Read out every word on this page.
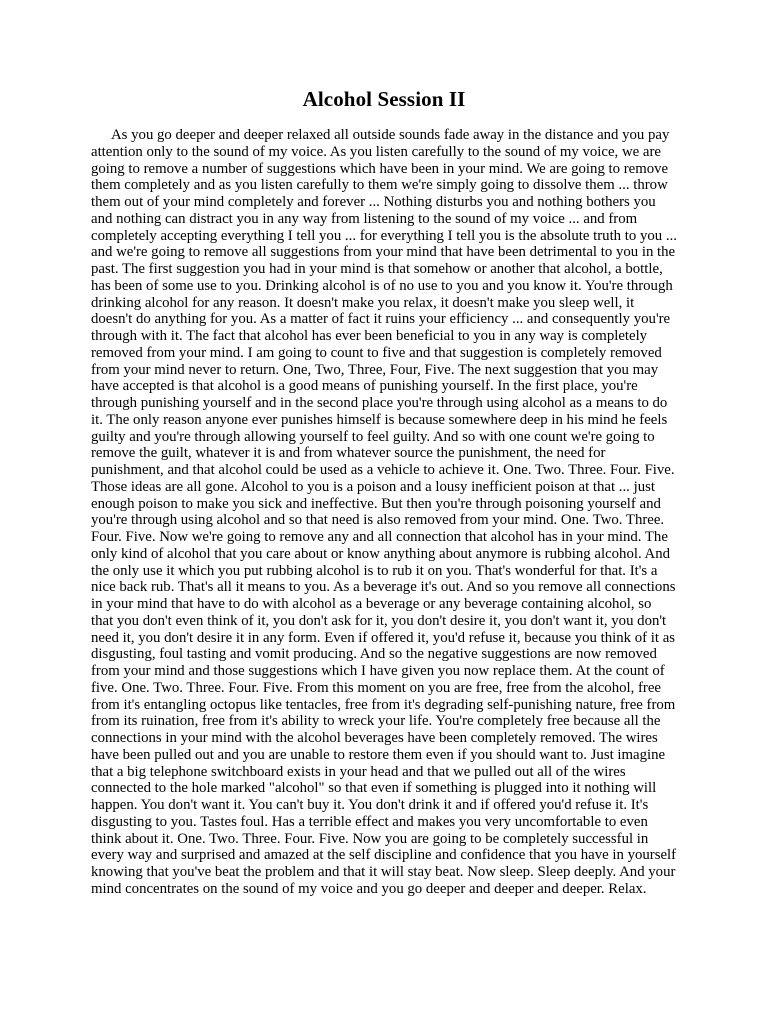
Alcohol Session II

As you go deeper and deeper relaxed all outside sounds fade away in the distance and you pay attention only to the sound of my voice. As you listen carefully to the sound of my voice, we are going to remove a number of suggestions which have been in your mind. We are going to remove them completely and as you listen carefully to them we're simply going to dissolve them ... throw them out of your mind completely and forever ... Nothing disturbs you and nothing bothers you and nothing can distract you in any way from listening to the sound of my voice ... and from completely accepting everything I tell you ... for everything I tell you is the absolute truth to you ... and we're going to remove all suggestions from your mind that have been detrimental to you in the past. The first suggestion you had in your mind is that somehow or another that alcohol, a bottle, has been of some use to you. Drinking alcohol is of no use to you and you know it. You're through drinking alcohol for any reason. It doesn't make you relax, it doesn't make you sleep well, it doesn't do anything for you. As a matter of fact it ruins your efficiency ... and consequently you're through with it. The fact that alcohol has ever been beneficial to you in any way is completely removed from your mind. I am going to count to five and that suggestion is completely removed from your mind never to return. One, Two, Three, Four, Five. The next suggestion that you may have accepted is that alcohol is a good means of punishing yourself. In the first place, you're through punishing yourself and in the second place you're through using alcohol as a means to do it. The only reason anyone ever punishes himself is because somewhere deep in his mind he feels guilty and you're through allowing yourself to feel guilty. And so with one count we're going to remove the guilt, whatever it is and from whatever source the punishment, the need for punishment, and that alcohol could be used as a vehicle to achieve it. One. Two. Three. Four. Five. Those ideas are all gone. Alcohol to you is a poison and a lousy inefficient poison at that ... just enough poison to make you sick and ineffective. But then you're through poisoning yourself and you're through using alcohol and so that need is also removed from your mind. One. Two. Three. Four. Five. Now we're going to remove any and all connection that alcohol has in your mind. The only kind of alcohol that you care about or know anything about anymore is rubbing alcohol. And the only use it which you put rubbing alcohol is to rub it on you. That's wonderful for that. It's a nice back rub. That's all it means to you. As a beverage it's out. And so you remove all connections in your mind that have to do with alcohol as a beverage or any beverage containing alcohol, so that you don't even think of it, you don't ask for it, you don't desire it, you don't want it, you don't need it, you don't desire it in any form. Even if offered it, you'd refuse it, because you think of it as disgusting, foul tasting and vomit producing. And so the negative suggestions are now removed from your mind and those suggestions which I have given you now replace them. At the count of five. One. Two. Three. Four. Five. From this moment on you are free, free from the alcohol, free from it's entangling octopus like tentacles, free from it's degrading self-punishing nature, free from from its ruination, free from it's ability to wreck your life. You're completely free because all the connections in your mind with the alcohol beverages have been completely removed. The wires have been pulled out and you are unable to restore them even if you should want to. Just imagine that a big telephone switchboard exists in your head and that we pulled out all of the wires connected to the hole marked "alcohol" so that even if something is plugged into it nothing will happen. You don't want it. You can't buy it. You don't drink it and if offered you'd refuse it. It's disgusting to you. Tastes foul. Has a terrible effect and makes you very uncomfortable to even think about it. One. Two. Three. Four. Five. Now you are going to be completely successful in every way and surprised and amazed at the self discipline and confidence that you have in yourself knowing that you've beat the problem and that it will stay beat. Now sleep. Sleep deeply. And your mind concentrates on the sound of my voice and you go deeper and deeper and deeper. Relax.
